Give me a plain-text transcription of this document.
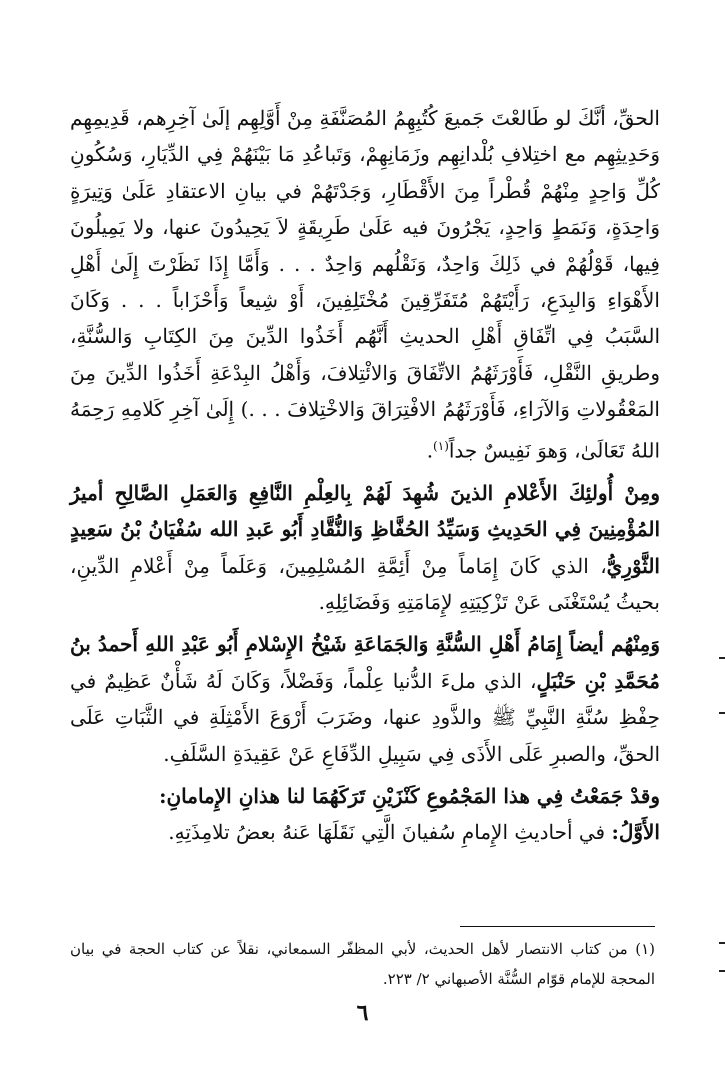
الحقِّ، أنَّكَ لو طَالعْتَ جَميعَ كُتُبِهِمُ المُصَنَّفَةِ مِنْ أَوَّلِهِم إلَىٰ آخِرِهم، قَدِيمِهِم وَحَدِيثِهِم مع اختِلافِ بُلْدانِهِم وزَمَانِهِمْ، وَتَباعُدِ مَا بَيْنَهُمْ فِي الدِّيَارِ، وَسُكُونِ كُلِّ وَاحِدٍ مِنْهُمْ قُطْراً مِنَ الأَقْطَارِ، وَجَدْتَهُمْ في بيانِ الاعتقادِ عَلَىٰ وَتِيرَةٍ وَاحِدَةٍ، وَنَمَطٍ وَاحِدٍ، يَجْرُونَ فيه عَلَىٰ طَرِيقَةٍ لاَ يَحِيدُونَ عنها، ولا يَمِيلُونَ فِيها، قَوْلُهُمْ في ذَلِكَ وَاحِدٌ، وَنَقْلُهم وَاحِدٌ . . . وَأَمَّا إِذَا نَظَرْتَ إِلَىٰ أَهْلِ الأَهْوَاءِ وَالبِدَعِ، رَأَيْتَهُمْ مُتَفَرِّقِينَ مُخْتَلِفِينَ، أَوْ شِيعاً وَأَحْزَاباً . . . وَكَانَ السَّبَبُ فِي اتِّفَاقِ أَهْلِ الحديثِ أَنَّهُم أَخَذُوا الدِّينَ مِنَ الكِتَابِ وَالسُّنَّةِ، وطريقِ النَّقْلِ، فَأَوْرَثَهُمُ الاتِّفَاقَ وَالائْتِلافَ، وَأَهْلُ البِدْعَةِ أَخَذُوا الدِّينَ مِنَ المَعْقُولاتِ وَالآرَاءِ، فَأَوْرَثَهُمُ الافْتِرَاقَ وَالاخْتِلافَ . . .) إِلَىٰ آخِرِ كَلامِهِ رَحِمَهُ اللهُ تَعَالَىٰ، وَهوَ نَفِيسٌ جداً$^{(١)}$.

ومِنْ أُولئِكَ الأَعْلامِ الذينَ شُهِدَ لَهُمْ بِالعِلْمِ النَّافِعِ وَالعَمَلِ الصَّالِحِ أميرُ المُؤْمِنِينَ فِي الحَدِيثِ وَسَيِّدُ الحُفَّاظِ وَالنُّقَّادِ أَبُو عَبدِ الله سُفْيَانُ بْنُ سَعِيدٍ الثَّوْرِيُّ، الذي كَانَ إِمَاماً مِنْ أَئِمَّةِ المُسْلِمِينَ، وَعَلَماً مِنْ أَعْلامِ الدِّينِ، بحيثُ يُسْتَغْنَى عَنْ تَزْكِيَتِهِ لإِمَامَتِهِ وَفَضَائِلِهِ.

وَمِنْهُم أيضاً إِمَامُ أَهْلِ السُّنَّةِ وَالجَمَاعَةِ شَيْخُ الإِسْلامِ أَبُو عَبْدِ اللهِ أَحمدُ بنُ مُحَمَّدِ بْنِ حَنْبَلٍ، الذي ملءَ الدُّنيا عِلْماً، وَفَضْلاً، وَكَانَ لَهُ شَأْنٌ عَظِيمٌ في حِفْظِ سُنَّةِ النَّبِيِّ ﷺ والذَّودِ عنها، وضَرَبَ أَرْوَعَ الأَمْثِلَةِ في الثَّبَاتِ عَلَى الحقِّ، والصبرِ عَلَى الأَذَى فِي سَبِيلِ الدِّفَاعِ عَنْ عَقِيدَةِ السَّلَفِ.

وقدْ جَمَعْتُ فِي هذا المَجْمُوعِ كَنْزَيْنِ تَرَكَهُمَا لنا هذانِ الإِمامانِ:

الأَوَّلُ: في أحاديثِ الإِمامِ سُفيانَ الَّتِي نَقَلَهَا عَنهُ بعضُ تلامِذَتِهِ.

(١) من كتاب الانتصار لأهل الحديث، لأبي المظفّر السمعاني، نقلاً عن كتاب الحجة في بيان المحجة للإمام قوّام السُّنَّة الأصبهاني ٢/ ٢٢٣.

٦
